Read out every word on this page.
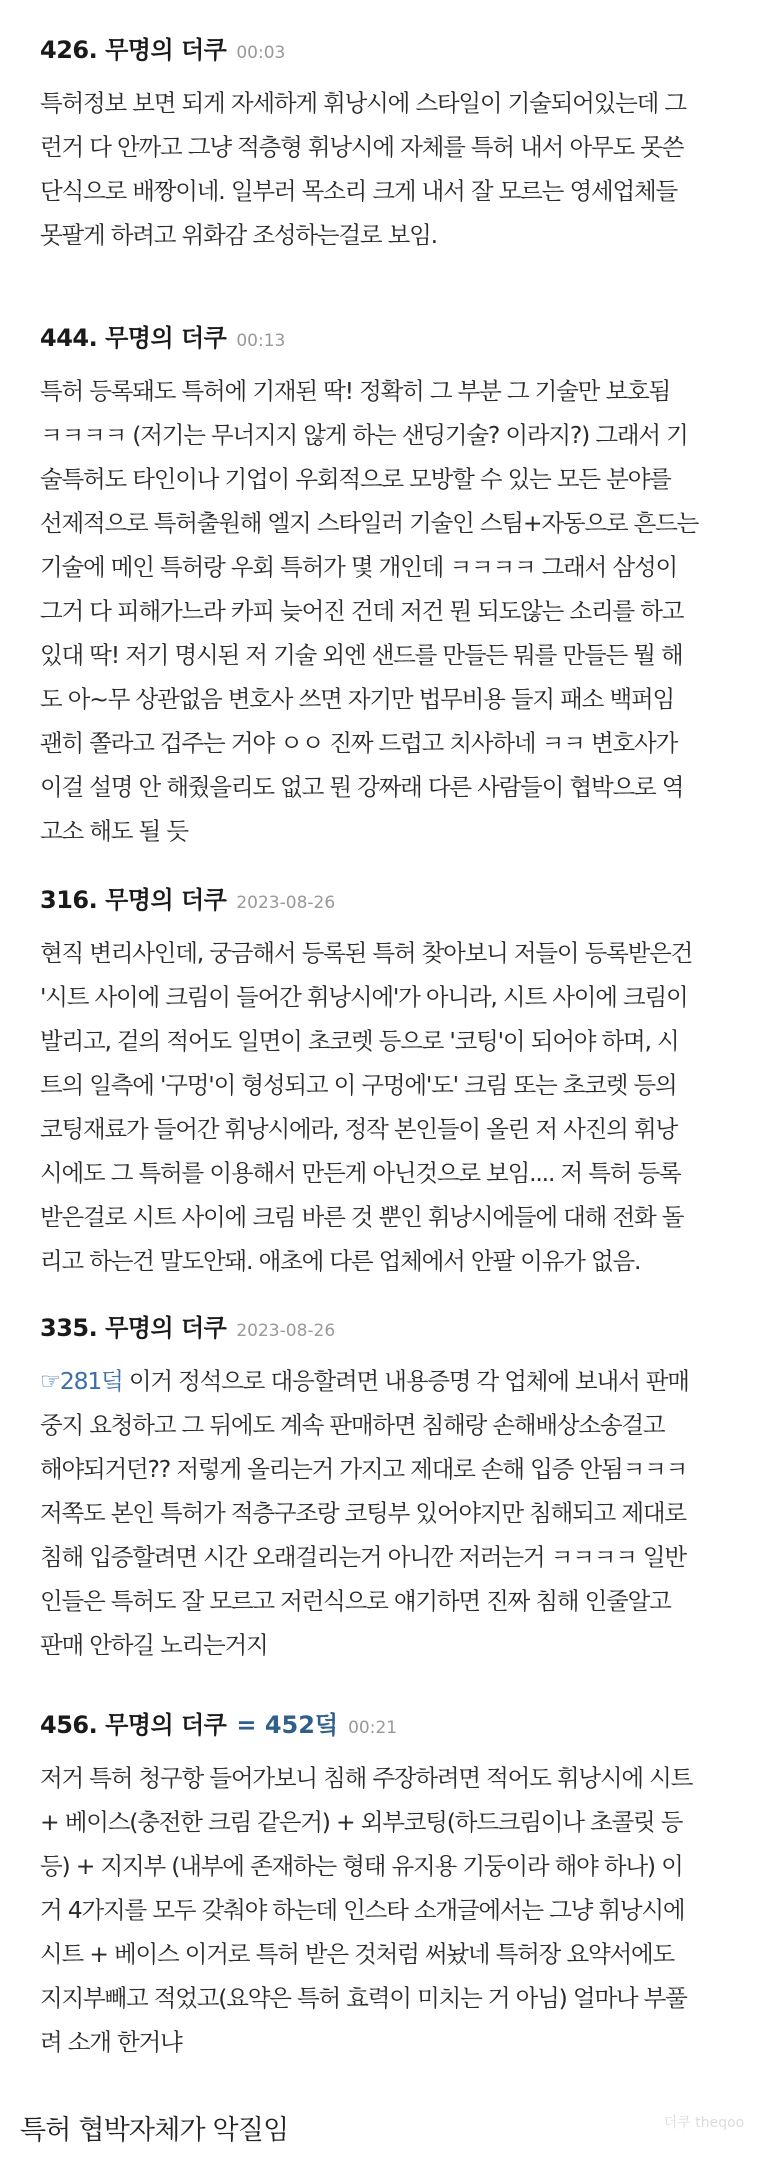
426. 무명의 더쿠 00:03
특허정보 보면 되게 자세하게 휘낭시에 스타일이 기술되어있는데 그
런거 다 안까고 그냥 적층형 휘낭시에 자체를 특허 내서 아무도 못쓴
단식으로 배짱이네. 일부러 목소리 크게 내서 잘 모르는 영세업체들
못팔게 하려고 위화감 조성하는걸로 보임.
444. 무명의 더쿠 00:13
특허 등록돼도 특허에 기재된 딱! 정확히 그 부분 그 기술만 보호됨
ㅋㅋㅋㅋ (저기는 무너지지 않게 하는 샌딩기술? 이라지?) 그래서 기
술특허도 타인이나 기업이 우회적으로 모방할 수 있는 모든 분야를
선제적으로 특허출원해 엘지 스타일러 기술인 스팀+자동으로 흔드는
기술에 메인 특허랑 우회 특허가 몇 개인데 ㅋㅋㅋㅋ 그래서 삼성이
그거 다 피해가느라 카피 늦어진 건데 저건 뭔 되도않는 소리를 하고
있대 딱! 저기 명시된 저 기술 외엔 샌드를 만들든 뭐를 만들든 뭘 해
도 아~무 상관없음 변호사 쓰면 자기만 법무비용 들지 패소 백퍼임
괜히 쫄라고 겁주는 거야 ㅇㅇ 진짜 드럽고 치사하네 ㅋㅋ 변호사가
이걸 설명 안 해줬을리도 없고 뭔 강짜래 다른 사람들이 협박으로 역
고소 해도 될 듯
316. 무명의 더쿠 2023-08-26
현직 변리사인데, 궁금해서 등록된 특허 찾아보니 저들이 등록받은건
'시트 사이에 크림이 들어간 휘낭시에'가 아니라, 시트 사이에 크림이
발리고, 겉의 적어도 일면이 초코렛 등으로 '코팅'이 되어야 하며, 시
트의 일측에 '구멍'이 형성되고 이 구멍에'도' 크림 또는 초코렛 등의
코팅재료가 들어간 휘낭시에라, 정작 본인들이 올린 저 사진의 휘낭
시에도 그 특허를 이용해서 만든게 아닌것으로 보임.... 저 특허 등록
받은걸로 시트 사이에 크림 바른 것 뿐인 휘낭시에들에 대해 전화 돌
리고 하는건 말도안돼. 애초에 다른 업체에서 안팔 이유가 없음.
335. 무명의 더쿠 2023-08-26
☞281덬 이거 정석으로 대응할려면 내용증명 각 업체에 보내서 판매
중지 요청하고 그 뒤에도 계속 판매하면 침해랑 손해배상소송걸고
해야되거던?? 저렇게 올리는거 가지고 제대로 손해 입증 안됨ㅋㅋㅋ
저쪽도 본인 특허가 적층구조랑 코팅부 있어야지만 침해되고 제대로
침해 입증할려면 시간 오래걸리는거 아니깐 저러는거 ㅋㅋㅋㅋ 일반
인들은 특허도 잘 모르고 저런식으로 얘기하면 진짜 침해 인줄알고
판매 안하길 노리는거지
456. 무명의 더쿠 = 452덬 00:21
저거 특허 청구항 들어가보니 침해 주장하려면 적어도 휘낭시에 시트
+ 베이스(충전한 크림 같은거) + 외부코팅(하드크림이나 초콜릿 등
등) + 지지부 (내부에 존재하는 형태 유지용 기둥이라 해야 하나) 이
거 4가지를 모두 갖춰야 하는데 인스타 소개글에서는 그냥 휘낭시에
시트 + 베이스 이거로 특허 받은 것처럼 써놨네 특허장 요약서에도
지지부빼고 적었고(요약은 특허 효력이 미치는 거 아님) 얼마나 부풀
려 소개 한거냐
특허 협박자체가 악질임	더쿠 theqoo
